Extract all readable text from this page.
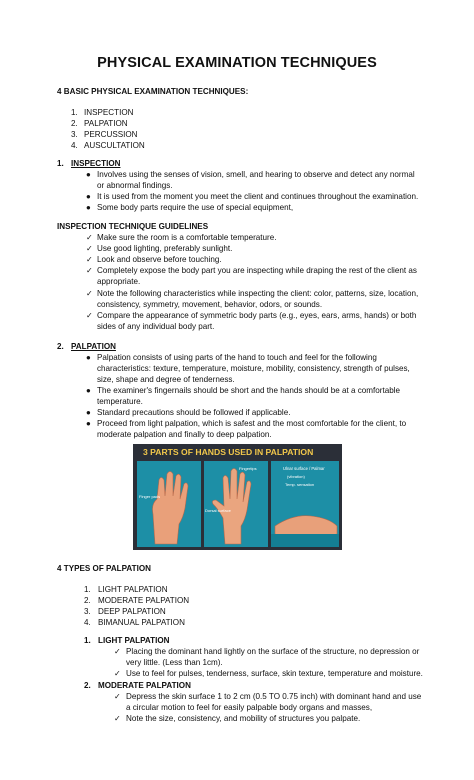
PHYSICAL EXAMINATION TECHNIQUES
4 BASIC PHYSICAL EXAMINATION TECHNIQUES:
1. INSPECTION
2. PALPATION
3. PERCUSSION
4. AUSCULTATION
1. INSPECTION
● Involves using the senses of vision, smell, and hearing to observe and detect any normal or abnormal findings.
● It is used from the moment you meet the client and continues throughout the examination.
● Some body parts require the use of special equipment,
INSPECTION TECHNIQUE GUIDELINES
✓ Make sure the room is a comfortable temperature.
✓ Use good lighting, preferably sunlight.
✓ Look and observe before touching.
✓ Completely expose the body part you are inspecting while draping the rest of the client as appropriate.
✓ Note the following characteristics while inspecting the client: color, patterns, size, location, consistency, symmetry, movement, behavior, odors, or sounds.
✓ Compare the appearance of symmetric body parts (e.g., eyes, ears, arms, hands) or both sides of any individual body part.
2. PALPATION
● Palpation consists of using parts of the hand to touch and feel for the following characteristics: texture, temperature, moisture, mobility, consistency, strength of pulses, size, shape and degree of tenderness.
● The examiner's fingernails should be short and the hands should be at a comfortable temperature.
● Standard precautions should be followed if applicable.
● Proceed from light palpation, which is safest and the most comfortable for the client, to moderate palpation and finally to deep palpation.
3 PARTS OF HANDS USED IN PALPATION
Finger pads
Fingertips
Dorsal surface
Ulnar surface / Palmar
(vibration)
Temp. sensation
4 TYPES OF PALPATION
1. LIGHT PALPATION
2. MODERATE PALPATION
3. DEEP PALPATION
4. BIMANUAL PALPATION
1. LIGHT PALPATION
✓ Placing the dominant hand lightly on the surface of the structure, no depression or very little. (Less than 1cm).
✓ Use to feel for pulses, tenderness, surface, skin texture, temperature and moisture.
2. MODERATE PALPATION
✓ Depress the skin surface 1 to 2 cm (0.5 TO 0.75 inch) with dominant hand and use a circular motion to feel for easily palpable body organs and masses,
✓ Note the size, consistency, and mobility of structures you palpate.
